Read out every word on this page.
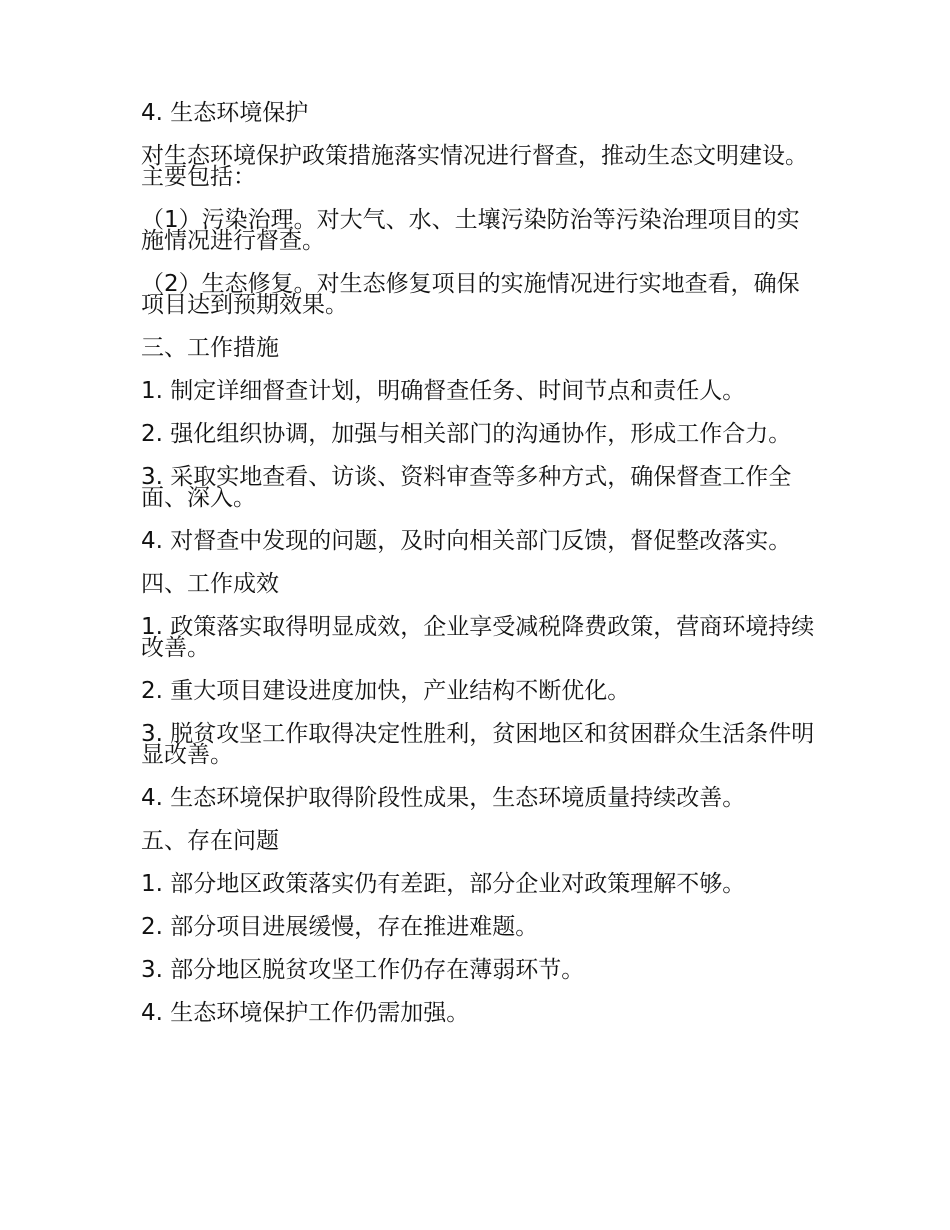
4. 生态环境保护

对生态环境保护政策措施落实情况进行督查，推动生态文明建设。主要包括：

（1）污染治理。对大气、水、土壤污染防治等污染治理项目的实施情况进行督查。

（2）生态修复。对生态修复项目的实施情况进行实地查看，确保项目达到预期效果。

三、工作措施

1. 制定详细督查计划，明确督查任务、时间节点和责任人。

2. 强化组织协调，加强与相关部门的沟通协作，形成工作合力。

3. 采取实地查看、访谈、资料审查等多种方式，确保督查工作全面、深入。

4. 对督查中发现的问题，及时向相关部门反馈，督促整改落实。

四、工作成效

1. 政策落实取得明显成效，企业享受减税降费政策，营商环境持续改善。

2. 重大项目建设进度加快，产业结构不断优化。

3. 脱贫攻坚工作取得决定性胜利，贫困地区和贫困群众生活条件明显改善。

4. 生态环境保护取得阶段性成果，生态环境质量持续改善。

五、存在问题

1. 部分地区政策落实仍有差距，部分企业对政策理解不够。

2. 部分项目进展缓慢，存在推进难题。

3. 部分地区脱贫攻坚工作仍存在薄弱环节。

4. 生态环境保护工作仍需加强。
